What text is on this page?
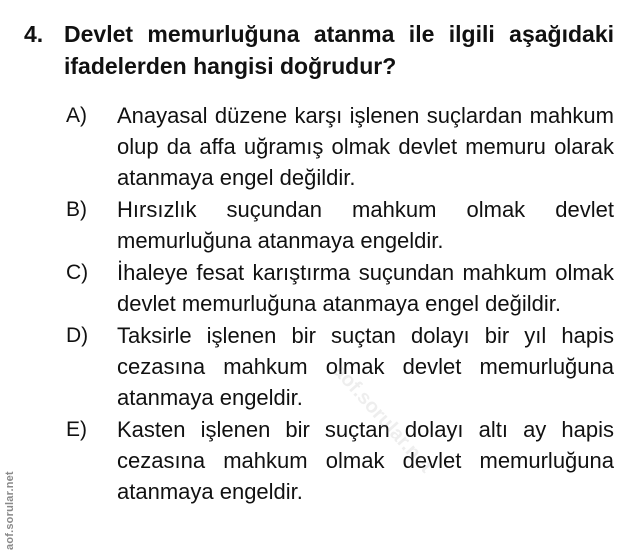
4. Devlet memurluğuna atanma ile ilgili aşağıdaki ifadelerden hangisi doğrudur?
A) Anayasal düzene karşı işlenen suçlardan mahkum olup da affa uğramış olmak devlet memuru olarak atanmaya engel değildir.
B) Hırsızlık suçundan mahkum olmak devlet memurluğuna atanmaya engeldir.
C) İhaleye fesat karıştırma suçundan mahkum olmak devlet memurluğuna atanmaya engel değildir.
D) Taksirle işlenen bir suçtan dolayı bir yıl hapis cezasına mahkum olmak devlet memurluğuna atanmaya engeldir.
E) Kasten işlenen bir suçtan dolayı altı ay hapis cezasına mahkum olmak devlet memurluğuna atanmaya engeldir.
aof.sorular.net
aof.sorular.net
